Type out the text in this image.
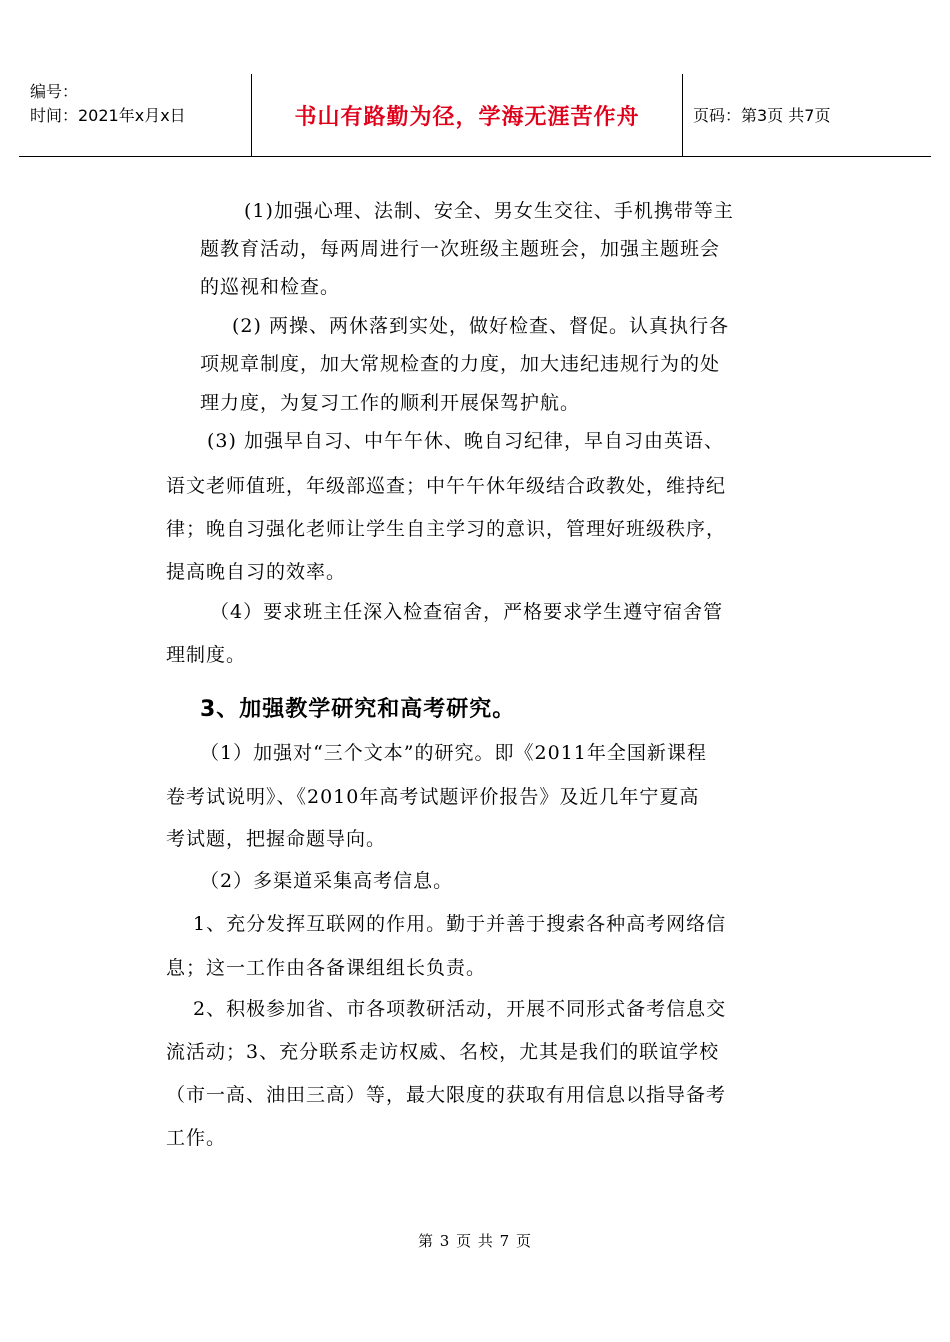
编号：
时间：2021年x月x日	书山有路勤为径，学海无涯苦作舟	页码：第3页 共7页
(1)加强心理、法制、安全、男女生交往、手机携带等主
题教育活动，每两周进行一次班级主题班会，加强主题班会
的巡视和检查。
(2) 两操、两休落到实处，做好检查、督促。认真执行各
项规章制度，加大常规检查的力度，加大违纪违规行为的处
理力度，为复习工作的顺利开展保驾护航。
(3) 加强早自习、中午午休、晚自习纪律，早自习由英语、
语文老师值班，年级部巡查；中午午休年级结合政教处，维持纪
律；晚自习强化老师让学生自主学习的意识，管理好班级秩序，
提高晚自习的效率。
（4）要求班主任深入检查宿舍，严格要求学生遵守宿舍管
理制度。
3、加强教学研究和高考研究。
（1）加强对“三个文本”的研究。即《2011年全国新课程
卷考试说明》、《2010年高考试题评价报告》及近几年宁夏高
考试题，把握命题导向。
（2）多渠道采集高考信息。
1、充分发挥互联网的作用。勤于并善于搜索各种高考网络信
息；这一工作由各备课组组长负责。
2、积极参加省、市各项教研活动，开展不同形式备考信息交
流活动；3、充分联系走访权威、名校，尤其是我们的联谊学校
（市一高、油田三高）等，最大限度的获取有用信息以指导备考
工作。
第 3 页 共 7 页
